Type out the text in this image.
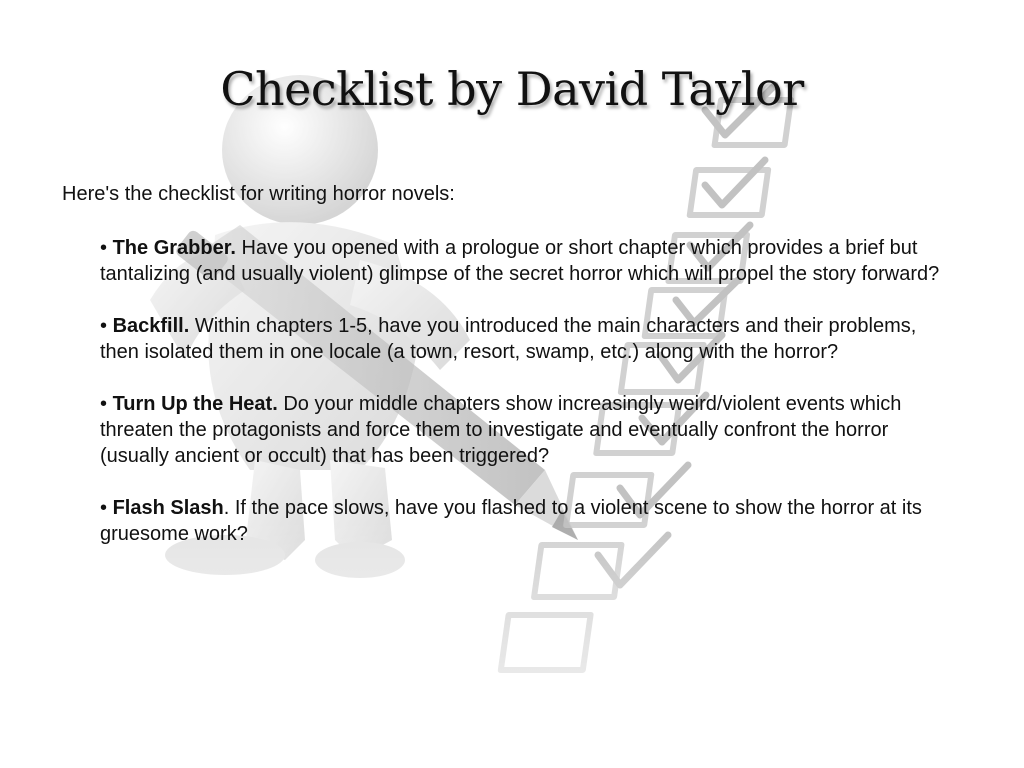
Checklist by David Taylor

Here's the checklist for writing horror novels:

• The Grabber. Have you opened with a prologue or short chapter which provides a brief but tantalizing (and usually violent) glimpse of the secret horror which will propel the story forward?

• Backfill. Within chapters 1-5, have you introduced the main characters and their problems, then isolated them in one locale (a town, resort, swamp, etc.) along with the horror?

• Turn Up the Heat. Do your middle chapters show increasingly weird/violent events which threaten the protagonists and force them to investigate and eventually confront the horror (usually ancient or occult) that has been triggered?

• Flash Slash. If the pace slows, have you flashed to a violent scene to show the horror at its gruesome work?
